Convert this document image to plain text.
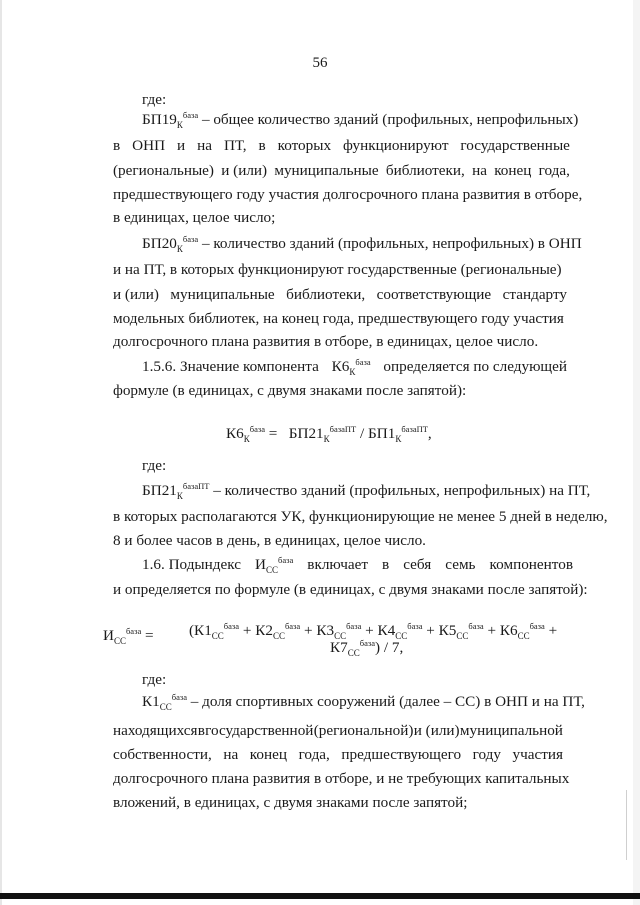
56
где:
$БП19_К^{база}$ – общее количество зданий (профильных, непрофильных)
в ОНП и на ПТ, в которых функционируют государственные
(региональные) и (или) муниципальные библиотеки, на конец года,
предшествующего году участия долгосрочного плана развития в отборе,
в единицах, целое число;
$БП20_К^{база}$ – количество зданий (профильных, непрофильных) в ОНП
и на ПТ, в которых функционируют государственные (региональные)
и (или) муниципальные библиотеки, соответствующие стандарту
модельных библиотек, на конец года, предшествующего году участия
долгосрочного плана развития в отборе, в единицах, целое число.
1.5.6. Значение компонента $К6_К^{база}$ определяется по следующей
формуле (в единицах, с двумя знаками после запятой):
$К6_К^{база} = БП21_К^{базаПТ} / БП1_К^{базаПТ}$,
где:
$БП21_К^{базаПТ}$ – количество зданий (профильных, непрофильных) на ПТ,
в которых располагаются УК, функционирующие не менее 5 дней в неделю,
8 и более часов в день, в единицах, целое число.
1.6. Подындекс $И_{СС}^{база}$ включает в себя семь компонентов
и определяется по формуле (в единицах, с двумя знаками после запятой):
$И_{СС}^{база} = (К1_{СС}^{база} + К2_{СС}^{база} + К3_{СС}^{база} + К4_{СС}^{база} + К5_{СС}^{база} + К6_{СС}^{база}$ +
$К7_{СС}^{база}) / 7$,
где:
$К1_{СС}^{база}$ – доля спортивных сооружений (далее – СС) в ОНП и на ПТ,
находящихся в государственной (региональной) и (или) муниципальной
собственности, на конец года, предшествующего году участия
долгосрочного плана развития в отборе, и не требующих капитальных
вложений, в единицах, с двумя знаками после запятой;
